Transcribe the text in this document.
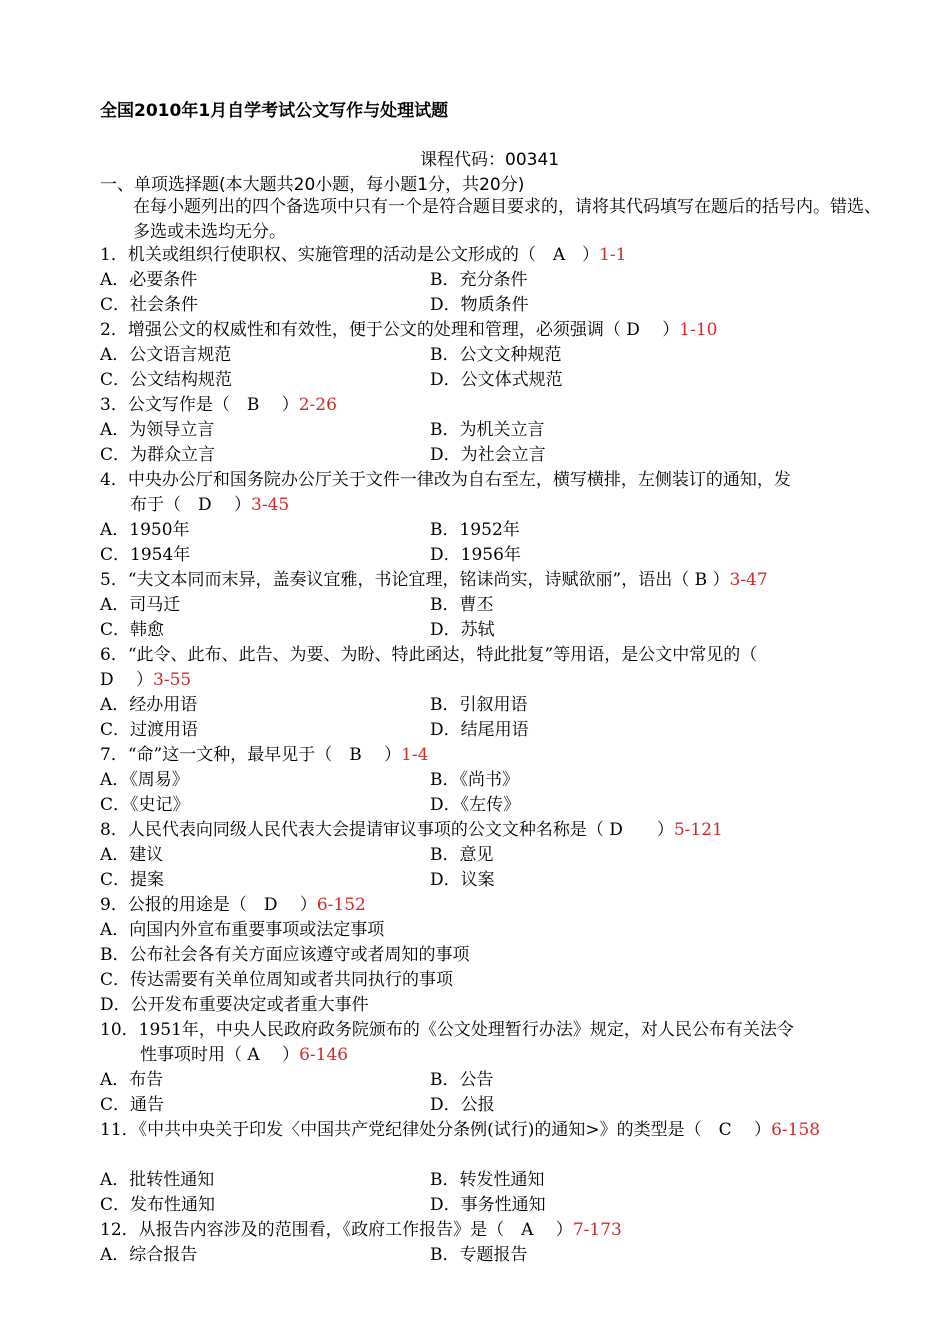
全国2010年1月自学考试公文写作与处理试题
课程代码：00341
一、单项选择题(本大题共20小题，每小题1分，共20分)
在每小题列出的四个备选项中只有一个是符合题目要求的，请将其代码填写在题后的括号内。错选、多选或未选均无分。
1．机关或组织行使职权、实施管理的活动是公文形成的（　A　）1-1
A．必要条件	B．充分条件
C．社会条件	D．物质条件
2．增强公文的权威性和有效性，便于公文的处理和管理，必须强调（ D　 ）1-10
A．公文语言规范	B．公文文种规范
C．公文结构规范	D．公文体式规范
3．公文写作是（　B　 ）2-26
A．为领导立言	B．为机关立言
C．为群众立言	D．为社会立言
4．中央办公厅和国务院办公厅关于文件一律改为自右至左，横写横排，左侧装订的通知，发
布于（　D　 ）3-45
A．1950年	B．1952年
C．1954年	D．1956年
5．“夫文本同而末异，盖奏议宜雅，书论宜理，铭诔尚实，诗赋欲丽”，语出（ B ）3-47
A．司马迁	B．曹丕
C．韩愈	D．苏轼
6．“此令、此布、此告、为要、为盼、特此函达，特此批复”等用语，是公文中常见的（
D　 ）3-55
A．经办用语	B．引叙用语
C．过渡用语	D．结尾用语
7．“命”这一文种，最早见于（　B　 ）1-4
A．《周易》	B．《尚书》
C．《史记》	D．《左传》
8．人民代表向同级人民代表大会提请审议事项的公文文种名称是（ D　　）5-121
A．建议	B．意见
C．提案	D．议案
9．公报的用途是（　D　 ）6-152
A．向国内外宣布重要事项或法定事项
B．公布社会各有关方面应该遵守或者周知的事项
C．传达需要有关单位周知或者共同执行的事项
D．公开发布重要决定或者重大事件
10．1951年，中央人民政府政务院颁布的《公文处理暂行办法》规定，对人民公布有关法令
性事项时用（ A　 ）6-146
A．布告	B．公告
C．通告	D．公报
11．《中共中央关于印发〈中国共产党纪律处分条例(试行)的通知>》的类型是（　C　 ）6-158
A．批转性通知	B．转发性通知
C．发布性通知	D．事务性通知
12．从报告内容涉及的范围看，《政府工作报告》是（　A　 ）7-173
A．综合报告	B．专题报告
